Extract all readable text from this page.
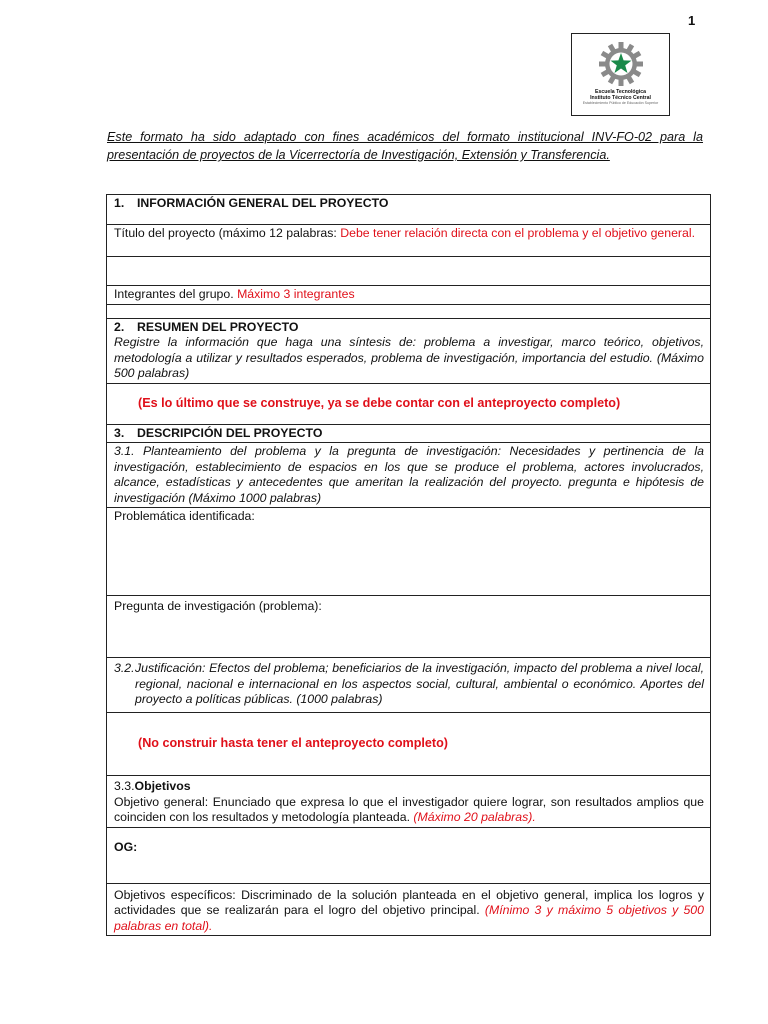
1
Escuela Tecnológica
Instituto Técnico Central
Establecimiento Público de Educación Superior
Este formato ha sido adaptado con fines académicos del formato institucional INV-FO-02 para la presentación de proyectos de la Vicerrectoría de Investigación, Extensión y Transferencia.
1. INFORMACIÓN GENERAL DEL PROYECTO
Título del proyecto (máximo 12 palabras: Debe tener relación directa con el problema y el objetivo general.

Integrantes del grupo. Máximo 3 integrantes

2. RESUMEN DEL PROYECTO
Registre la información que haga una síntesis de: problema a investigar, marco teórico, objetivos, metodología a utilizar y resultados esperados, problema de investigación, importancia del estudio. (Máximo 500 palabras)

(Es lo último que se construye, ya se debe contar con el anteproyecto completo)

3. DESCRIPCIÓN DEL PROYECTO
3.1. Planteamiento del problema y la pregunta de investigación: Necesidades y pertinencia de la investigación, establecimiento de espacios en los que se produce el problema, actores involucrados, alcance, estadísticas y antecedentes que ameritan la realización del proyecto. pregunta e hipótesis de investigación (Máximo 1000 palabras)
Problemática identificada:
Pregunta de investigación (problema):

3.2. Justificación: Efectos del problema; beneficiarios de la investigación, impacto del problema a nivel local, regional, nacional e internacional en los aspectos social, cultural, ambiental o económico. Aportes del proyecto a políticas públicas. (1000 palabras)

(No construir hasta tener el anteproyecto completo)

3.3.Objetivos
Objetivo general: Enunciado que expresa lo que el investigador quiere lograr, son resultados amplios que coinciden con los resultados y metodología planteada. (Máximo 20 palabras).

OG:
Objetivos específicos: Discriminado de la solución planteada en el objetivo general, implica los logros y actividades que se realizarán para el logro del objetivo principal. (Mínimo 3 y máximo 5 objetivos y 500 palabras en total).
